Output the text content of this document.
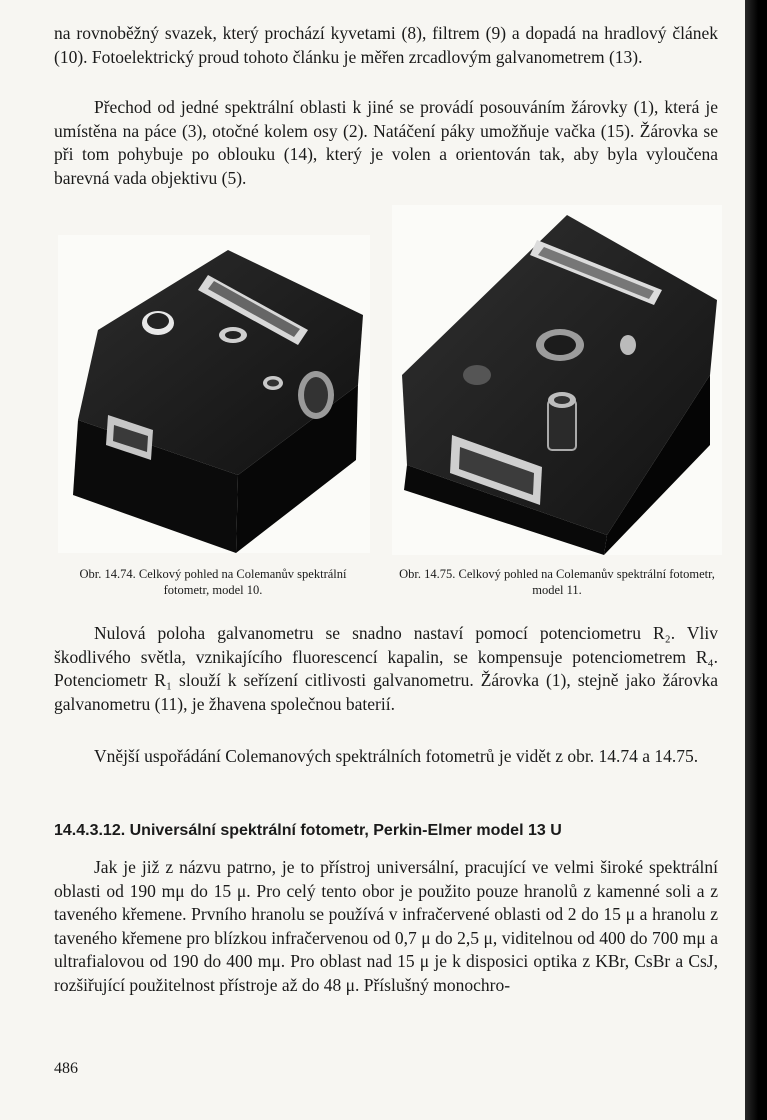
na rovnoběžný svazek, který prochází kyvetami (8), filtrem (9) a dopadá na hradlový článek (10). Fotoelektrický proud tohoto článku je měřen zrcadlovým galvanometrem (13).

Přechod od jedné spektrální oblasti k jiné se provádí posouváním žárovky (1), která je umístěna na páce (3), otočné kolem osy (2). Natáčení páky umožňuje vačka (15). Žárovka se při tom pohybuje po oblouku (14), který je volen a orientován tak, aby byla vyloučena barevná vada objektivu (5).

Obr. 14.74. Celkový pohled na Colemanův spektrální fotometr, model 10.

Obr. 14.75. Celkový pohled na Colemanův spektrální fotometr, model 11.

Nulová poloha galvanometru se snadno nastaví pomocí potenciometru R₂. Vliv škodlivého světla, vznikajícího fluorescencí kapalin, se kompensuje potenciometrem R₄. Potenciometr R₁ slouží k seřízení citlivosti galvanometru. Žárovka (1), stejně jako žárovka galvanometru (11), je žhavena společnou baterií.

Vnější uspořádání Colemanových spektrálních fotometrů je vidět z obr. 14.74 a 14.75.

14.4.3.12. Universální spektrální fotometr, Perkin-Elmer model 13 U

Jak je již z názvu patrno, je to přístroj universální, pracující ve velmi široké spektrální oblasti od 190 mμ do 15 μ. Pro celý tento obor je použito pouze hranolů z kamenné soli a z taveného křemene. Prvního hranolu se používá v infračervené oblasti od 2 do 15 μ a hranolu z taveného křemene pro blízkou infračervenou od 0,7 μ do 2,5 μ, viditelnou od 400 do 700 mμ a ultrafialovou od 190 do 400 mμ. Pro oblast nad 15 μ je k disposici optika z KBr, CsBr a CsJ, rozšiřující použitelnost přístroje až do 48 μ. Příslušný monochro-

486
